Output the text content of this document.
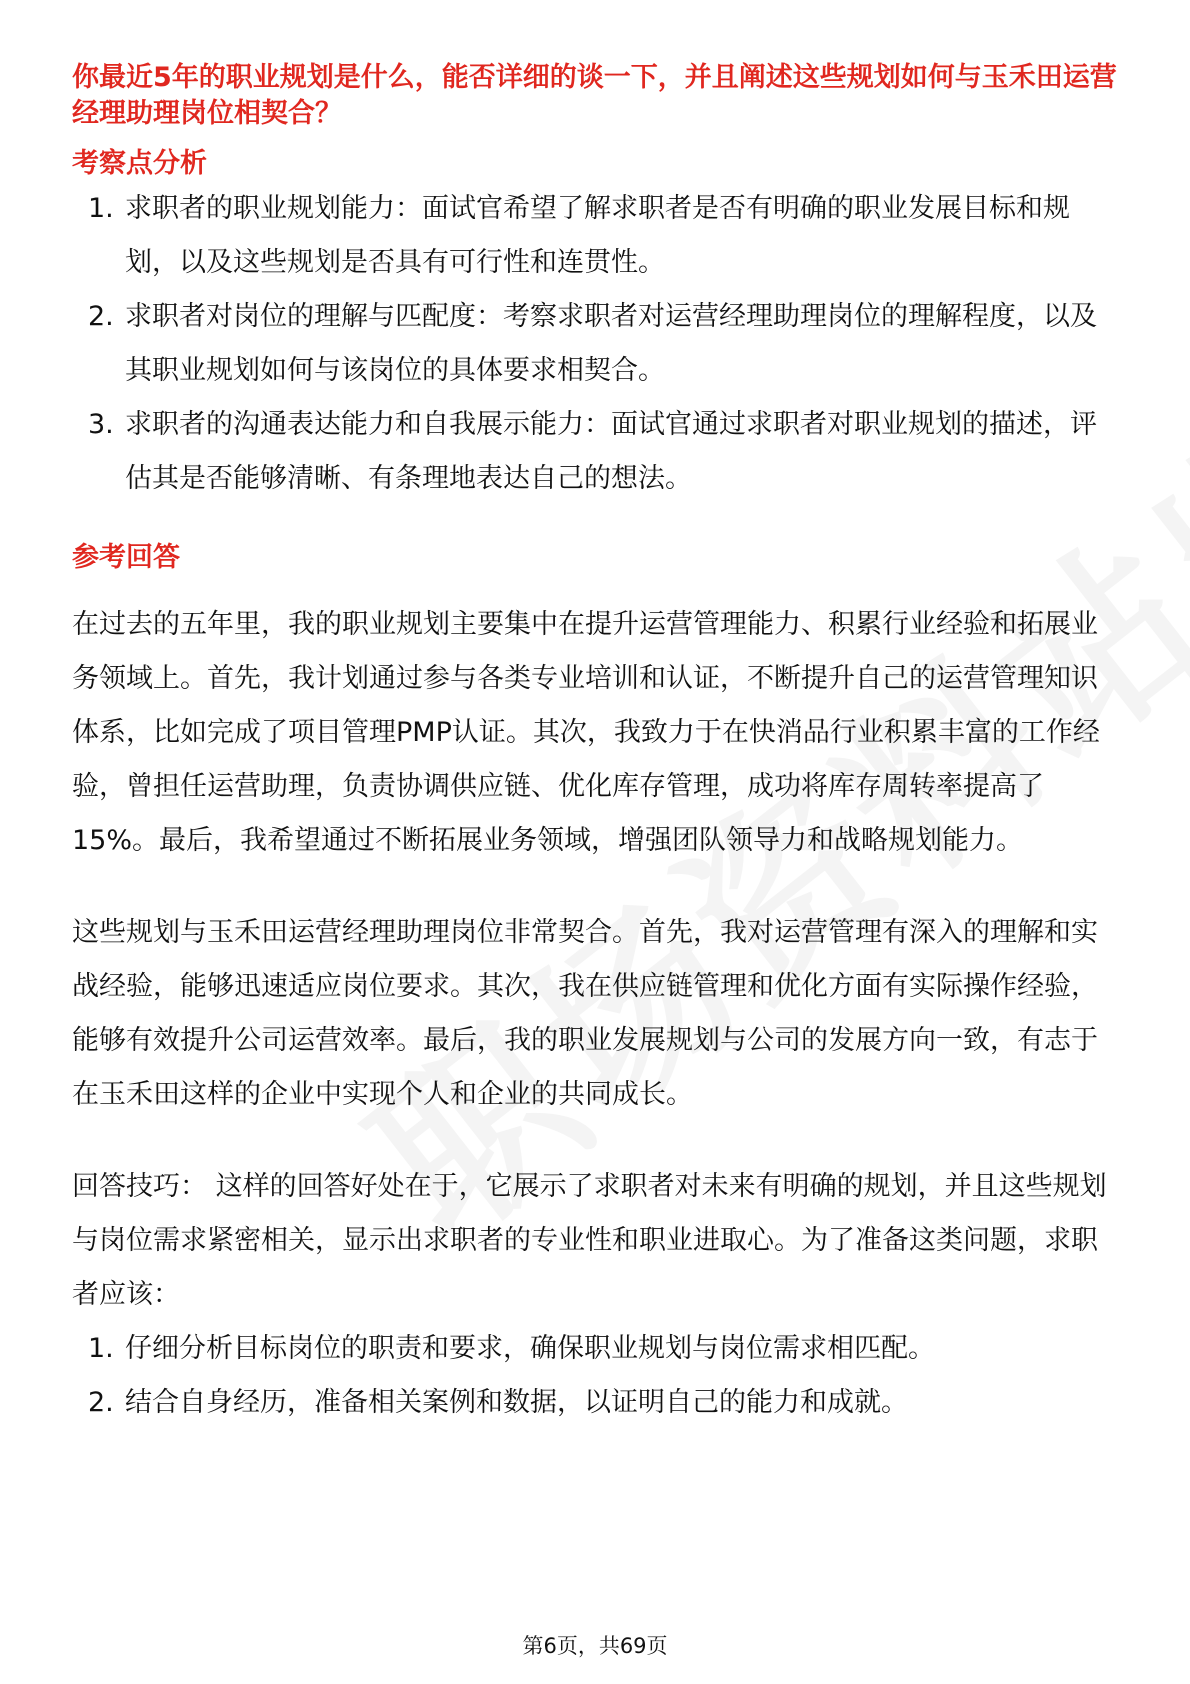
你最近5年的职业规划是什么，能否详细的谈一下，并且阐述这些规划如何与玉禾田运营经理助理岗位相契合？

考察点分析

1. 求职者的职业规划能力：面试官希望了解求职者是否有明确的职业发展目标和规划，以及这些规划是否具有可行性和连贯性。
2. 求职者对岗位的理解与匹配度：考察求职者对运营经理助理岗位的理解程度，以及其职业规划如何与该岗位的具体要求相契合。
3. 求职者的沟通表达能力和自我展示能力：面试官通过求职者对职业规划的描述，评估其是否能够清晰、有条理地表达自己的想法。

参考回答

在过去的五年里，我的职业规划主要集中在提升运营管理能力、积累行业经验和拓展业务领域上。首先，我计划通过参与各类专业培训和认证，不断提升自己的运营管理知识体系，比如完成了项目管理PMP认证。其次，我致力于在快消品行业积累丰富的工作经验，曾担任运营助理，负责协调供应链、优化库存管理，成功将库存周转率提高了15%。最后，我希望通过不断拓展业务领域，增强团队领导力和战略规划能力。

这些规划与玉禾田运营经理助理岗位非常契合。首先，我对运营管理有深入的理解和实战经验，能够迅速适应岗位要求。其次，我在供应链管理和优化方面有实际操作经验，能够有效提升公司运营效率。最后，我的职业发展规划与公司的发展方向一致，有志于在玉禾田这样的企业中实现个人和企业的共同成长。

回答技巧： 这样的回答好处在于，它展示了求职者对未来有明确的规划，并且这些规划与岗位需求紧密相关，显示出求职者的专业性和职业进取心。为了准备这类问题，求职者应该：

1. 仔细分析目标岗位的职责和要求，确保职业规划与岗位需求相匹配。
2. 结合自身经历，准备相关案例和数据，以证明自己的能力和成就。
第6页，共69页
